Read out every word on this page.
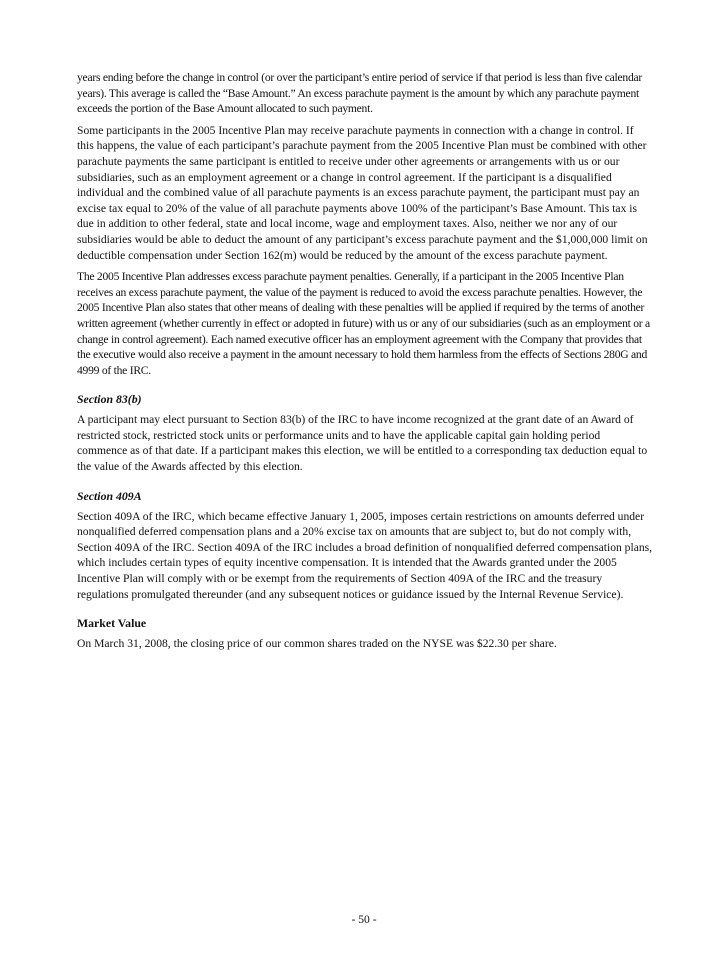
years ending before the change in control (or over the participant’s entire period of service if that period is less than five calendar years). This average is called the “Base Amount.” An excess parachute payment is the amount by which any parachute payment exceeds the portion of the Base Amount allocated to such payment.

Some participants in the 2005 Incentive Plan may receive parachute payments in connection with a change in control. If this happens, the value of each participant’s parachute payment from the 2005 Incentive Plan must be combined with other parachute payments the same participant is entitled to receive under other agreements or arrangements with us or our subsidiaries, such as an employment agreement or a change in control agreement. If the participant is a disqualified individual and the combined value of all parachute payments is an excess parachute payment, the participant must pay an excise tax equal to 20% of the value of all parachute payments above 100% of the participant’s Base Amount. This tax is due in addition to other federal, state and local income, wage and employment taxes. Also, neither we nor any of our subsidiaries would be able to deduct the amount of any participant’s excess parachute payment and the $1,000,000 limit on deductible compensation under Section 162(m) would be reduced by the amount of the excess parachute payment.

The 2005 Incentive Plan addresses excess parachute payment penalties. Generally, if a participant in the 2005 Incentive Plan receives an excess parachute payment, the value of the payment is reduced to avoid the excess parachute penalties. However, the 2005 Incentive Plan also states that other means of dealing with these penalties will be applied if required by the terms of another written agreement (whether currently in effect or adopted in future) with us or any of our subsidiaries (such as an employment or a change in control agreement). Each named executive officer has an employment agreement with the Company that provides that the executive would also receive a payment in the amount necessary to hold them harmless from the effects of Sections 280G and 4999 of the IRC.

Section 83(b)

A participant may elect pursuant to Section 83(b) of the IRC to have income recognized at the grant date of an Award of restricted stock, restricted stock units or performance units and to have the applicable capital gain holding period commence as of that date. If a participant makes this election, we will be entitled to a corresponding tax deduction equal to the value of the Awards affected by this election.

Section 409A

Section 409A of the IRC, which became effective January 1, 2005, imposes certain restrictions on amounts deferred under nonqualified deferred compensation plans and a 20% excise tax on amounts that are subject to, but do not comply with, Section 409A of the IRC. Section 409A of the IRC includes a broad definition of nonqualified deferred compensation plans, which includes certain types of equity incentive compensation. It is intended that the Awards granted under the 2005 Incentive Plan will comply with or be exempt from the requirements of Section 409A of the IRC and the treasury regulations promulgated thereunder (and any subsequent notices or guidance issued by the Internal Revenue Service).

Market Value

On March 31, 2008, the closing price of our common shares traded on the NYSE was $22.30 per share.

- 50 -
